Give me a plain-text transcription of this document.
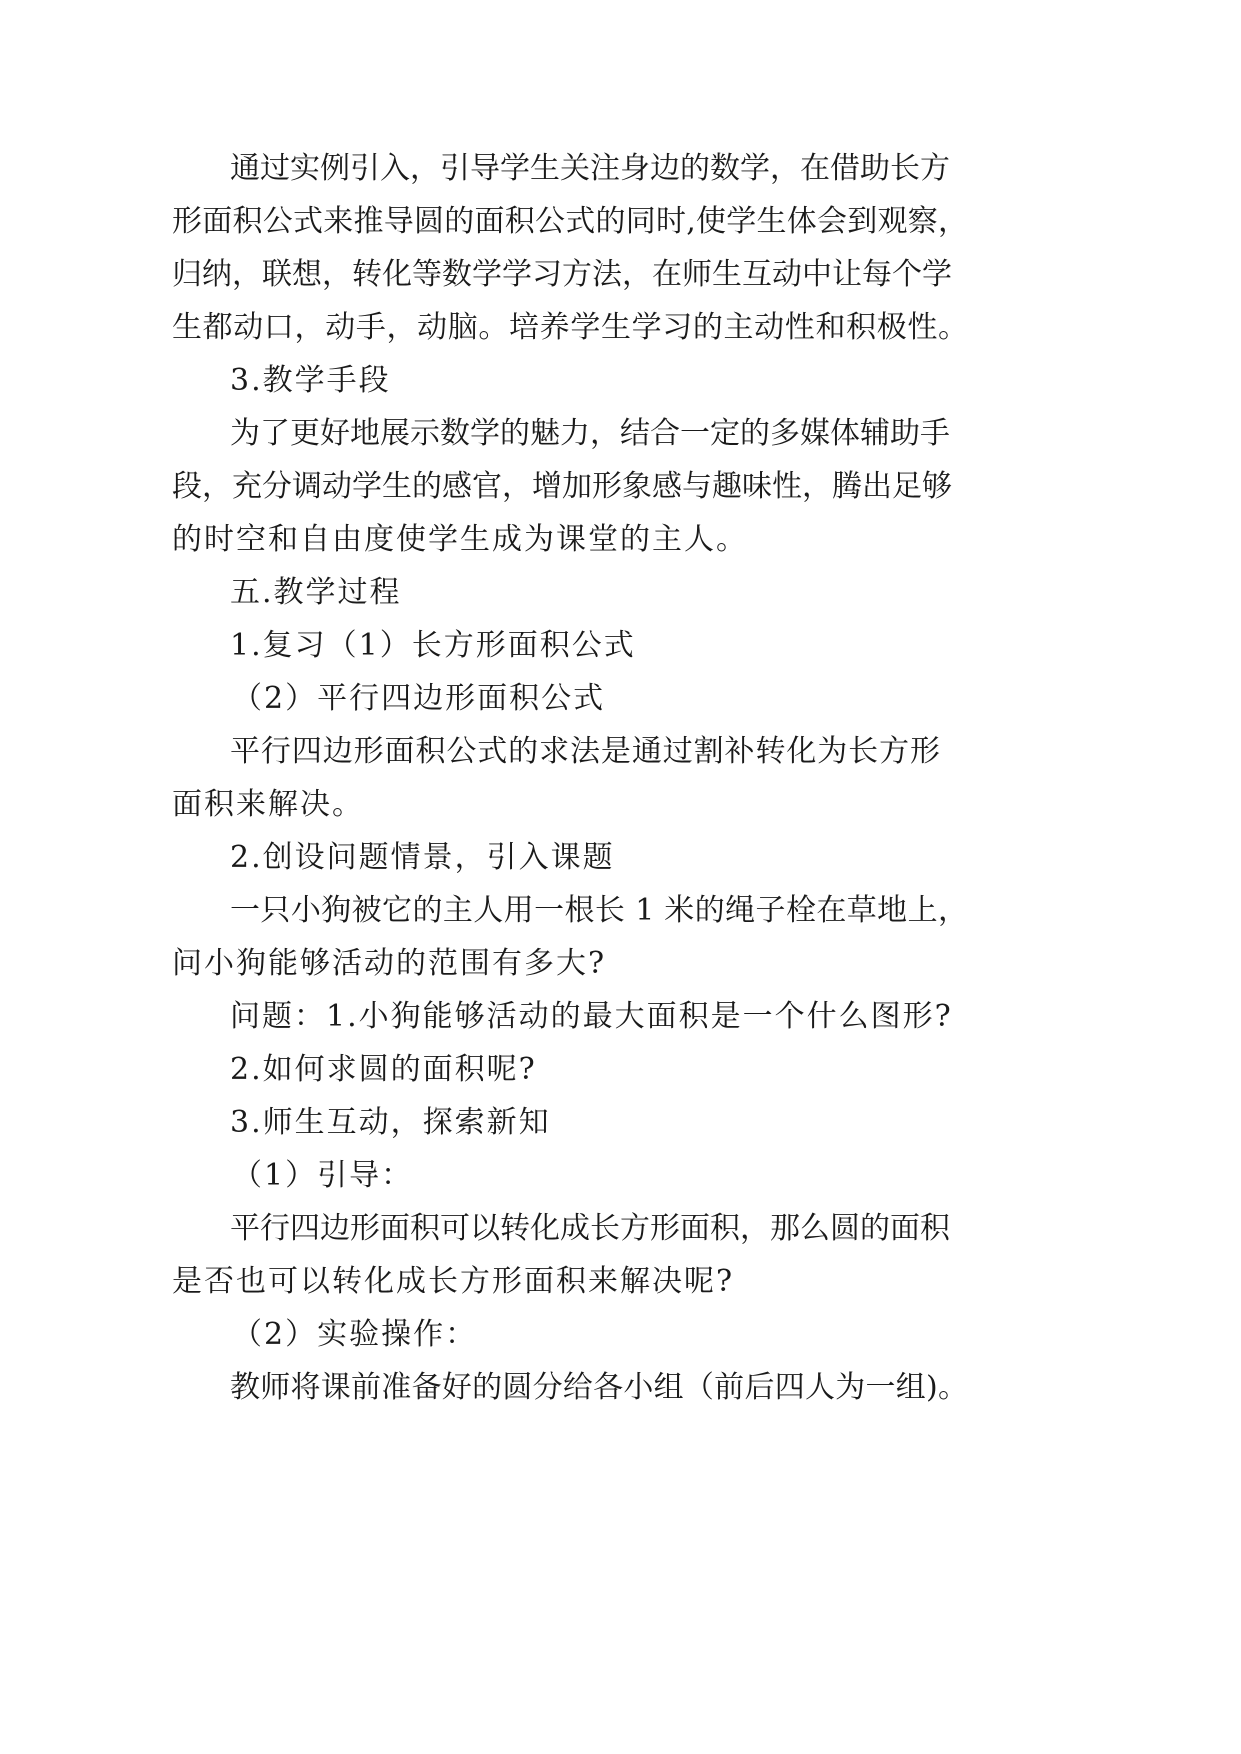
通过实例引入，引导学生关注身边的数学，在借助长方
形面积公式来推导圆的面积公式的同时,使学生体会到观察，
归纳，联想，转化等数学学习方法，在师生互动中让每个学
生都动口，动手，动脑。培养学生学习的主动性和积极性。
3.教学手段
为了更好地展示数学的魅力，结合一定的多媒体辅助手
段，充分调动学生的感官，增加形象感与趣味性，腾出足够
的时空和自由度使学生成为课堂的主人。
五.教学过程
1.复习（1）长方形面积公式
（2）平行四边形面积公式
平行四边形面积公式的求法是通过割补转化为长方形
面积来解决。
2.创设问题情景，引入课题
一只小狗被它的主人用一根长 1 米的绳子栓在草地上，
问小狗能够活动的范围有多大?
问题：1.小狗能够活动的最大面积是一个什么图形?
2.如何求圆的面积呢?
3.师生互动，探索新知
（1）引导：
平行四边形面积可以转化成长方形面积，那么圆的面积
是否也可以转化成长方形面积来解决呢?
（2）实验操作：
教师将课前准备好的圆分给各小组（前后四人为一组)。
